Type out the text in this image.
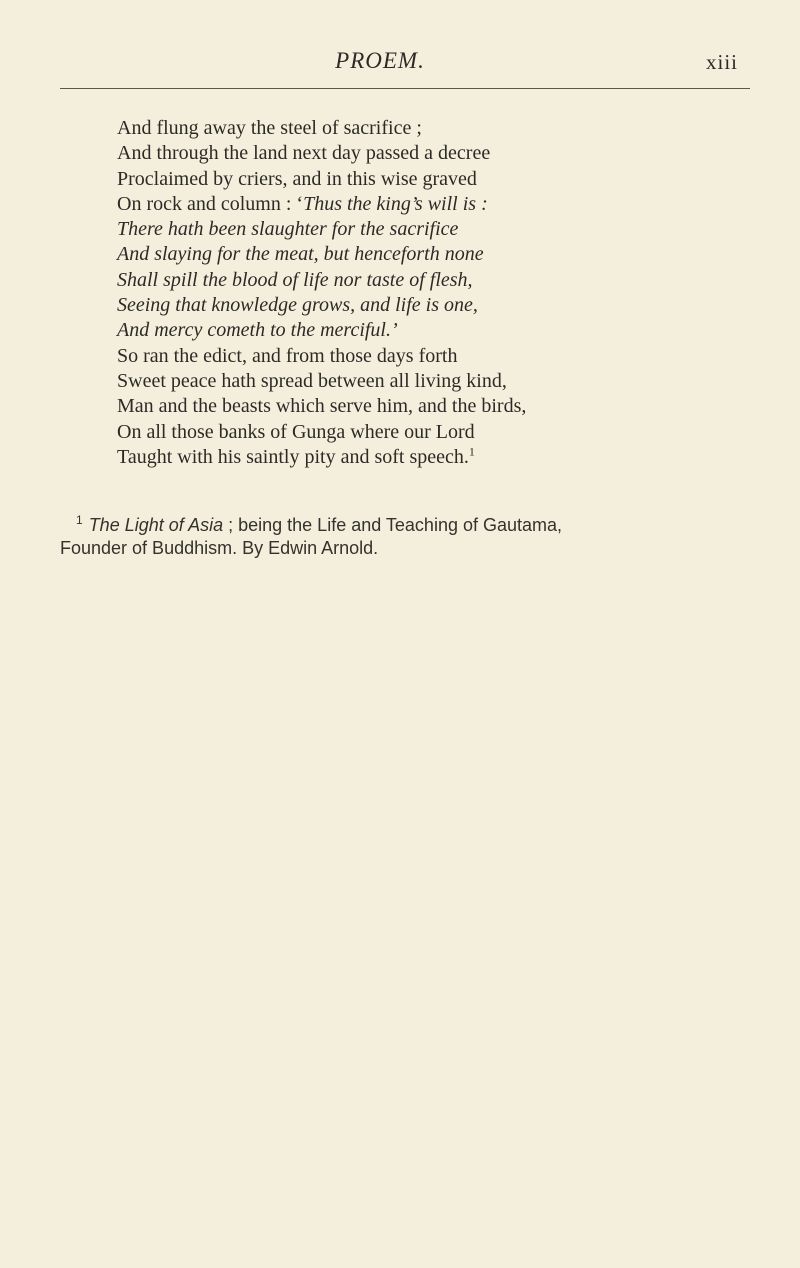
PROEM.	xiii
And flung away the steel of sacrifice ;
And through the land next day passed a decree
Proclaimed by criers, and in this wise graved
On rock and column : ‘Thus the king’s will is :
There hath been slaughter for the sacrifice
And slaying for the meat, but henceforth none
Shall spill the blood of life nor taste of flesh,
Seeing that knowledge grows, and life is one,
And mercy cometh to the merciful.’
So ran the edict, and from those days forth
Sweet peace hath spread between all living kind,
Man and the beasts which serve him, and the birds,
On all those banks of Gunga where our Lord
Taught with his saintly pity and soft speech.$^1$
$^1$ The Light of Asia ; being the Life and Teaching of Gautama,
Founder of Buddhism. By Edwin Arnold.
